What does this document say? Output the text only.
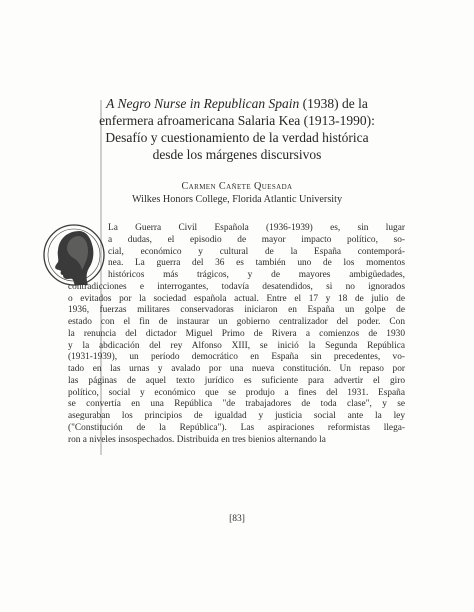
A Negro Nurse in Republican Spain (1938) de la
enfermera afroamericana Salaria Kea (1913-1990):
Desafío y cuestionamiento de la verdad histórica
desde los márgenes discursivos
Carmen Cañete Quesada
Wilkes Honors College, Florida Atlantic University
La Guerra Civil Española (1936-1939) es, sin lugar
a dudas, el episodio de mayor impacto político, so-
cial, económico y cultural de la España contemporá-
nea. La guerra del 36 es también uno de los momentos
históricos más trágicos, y de mayores ambigüedades,
contradicciones e interrogantes, todavía desatendidos, si no ignorados
o evitados por la sociedad española actual. Entre el 17 y 18 de julio de
1936, fuerzas militares conservadoras iniciaron en España un golpe de
estado con el fin de instaurar un gobierno centralizador del poder. Con
la renuncia del dictador Miguel Primo de Rivera a comienzos de 1930
y la abdicación del rey Alfonso XIII, se inició la Segunda República
(1931-1939), un período democrático en España sin precedentes, vo-
tado en las urnas y avalado por una nueva constitución. Un repaso por
las páginas de aquel texto jurídico es suficiente para advertir el giro
político, social y económico que se produjo a fines del 1931. España
se convertía en una República "de trabajadores de toda clase", y se
aseguraban los principios de igualdad y justicia social ante la ley
("Constitución de la República"). Las aspiraciones reformistas llega-
ron a niveles insospechados. Distribuida en tres bienios alternando la
[83]
